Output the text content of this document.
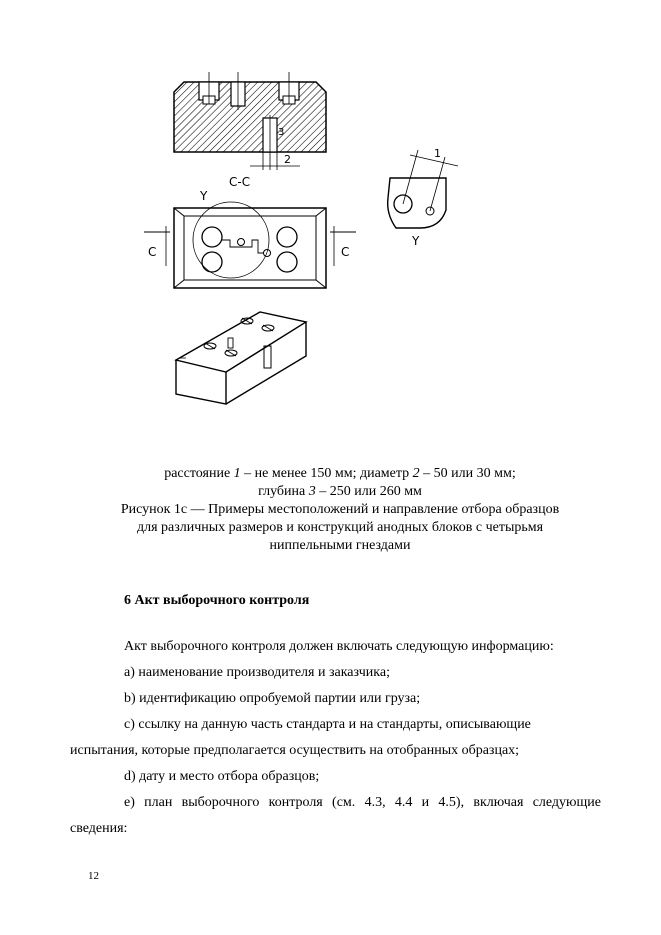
2
3
C-C
C	C
Y
1
Y
расстояние 1 – не менее 150 мм; диаметр 2 – 50 или 30 мм;
глубина 3 – 250 или 260 мм
Рисунок 1с — Примеры местоположений и направление отбора образцов
для различных размеров и конструкций анодных блоков с четырьмя
ниппельными гнездами
6 Акт выборочного контроля
Акт выборочного контроля должен включать следующую информацию:
a) наименование производителя и заказчика;
b) идентификацию опробуемой партии или груза;
c) ссылку на данную часть стандарта и на стандарты, описывающие
испытания, которые предполагается осуществить на отобранных образцах;
d) дату и место отбора образцов;
e) план выборочного контроля (см. 4.3, 4.4 и 4.5), включая следующие
сведения:
12
